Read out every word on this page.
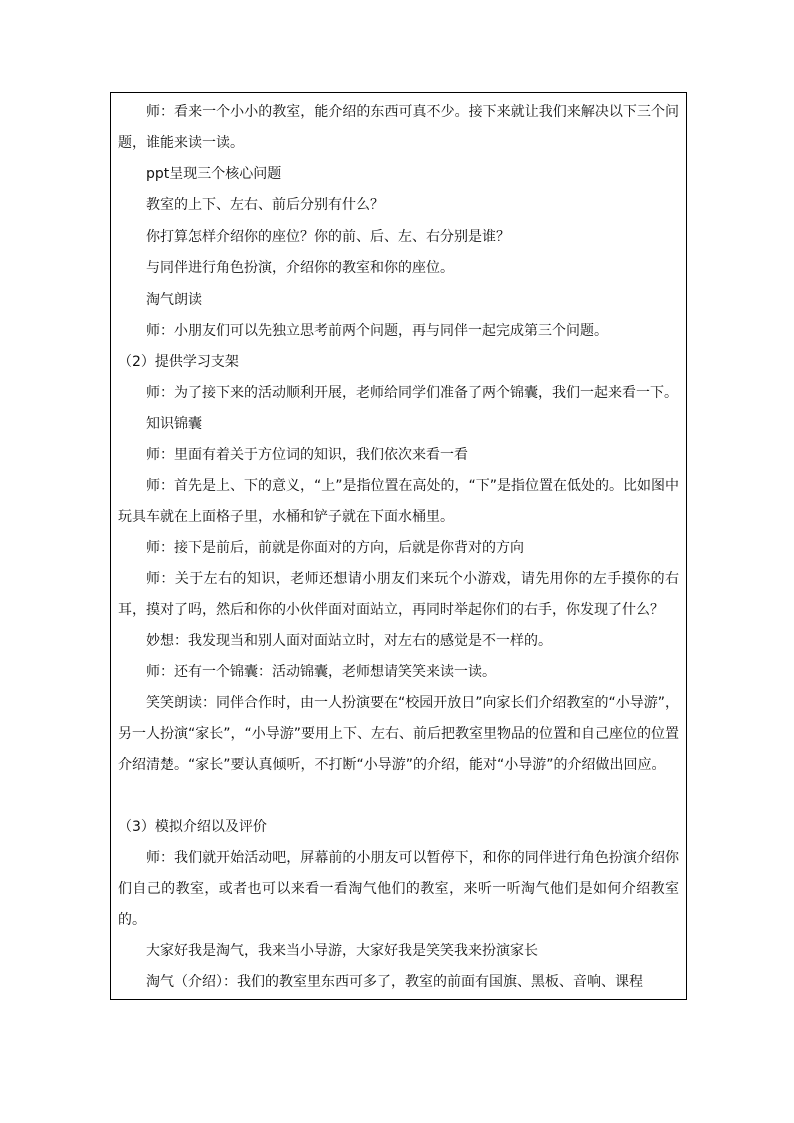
师：看来一个小小的教室，能介绍的东西可真不少。接下来就让我们来解决以下三个问题，谁能来读一读。
ppt呈现三个核心问题
教室的上下、左右、前后分别有什么？
你打算怎样介绍你的座位？你的前、后、左、右分别是谁？
与同伴进行角色扮演，介绍你的教室和你的座位。
淘气朗读
师：小朋友们可以先独立思考前两个问题，再与同伴一起完成第三个问题。
（2）提供学习支架
师：为了接下来的活动顺利开展，老师给同学们准备了两个锦囊，我们一起来看一下。
知识锦囊
师：里面有着关于方位词的知识，我们依次来看一看
师：首先是上、下的意义，“上”是指位置在高处的，“下”是指位置在低处的。比如图中玩具车就在上面格子里，水桶和铲子就在下面水桶里。
师：接下是前后，前就是你面对的方向，后就是你背对的方向
师：关于左右的知识，老师还想请小朋友们来玩个小游戏，请先用你的左手摸你的右耳，摸对了吗，然后和你的小伙伴面对面站立，再同时举起你们的右手，你发现了什么？
妙想：我发现当和别人面对面站立时，对左右的感觉是不一样的。
师：还有一个锦囊：活动锦囊，老师想请笑笑来读一读。
笑笑朗读：同伴合作时，由一人扮演要在“校园开放日”向家长们介绍教室的“小导游”，另一人扮演“家长”，“小导游”要用上下、左右、前后把教室里物品的位置和自己座位的位置介绍清楚。“家长”要认真倾听，不打断“小导游”的介绍，能对“小导游”的介绍做出回应。
（3）模拟介绍以及评价
师：我们就开始活动吧，屏幕前的小朋友可以暂停下，和你的同伴进行角色扮演介绍你们自己的教室，或者也可以来看一看淘气他们的教室，来听一听淘气他们是如何介绍教室的。
大家好我是淘气，我来当小导游，大家好我是笑笑我来扮演家长
淘气（介绍）：我们的教室里东西可多了，教室的前面有国旗、黑板、音响、课程
